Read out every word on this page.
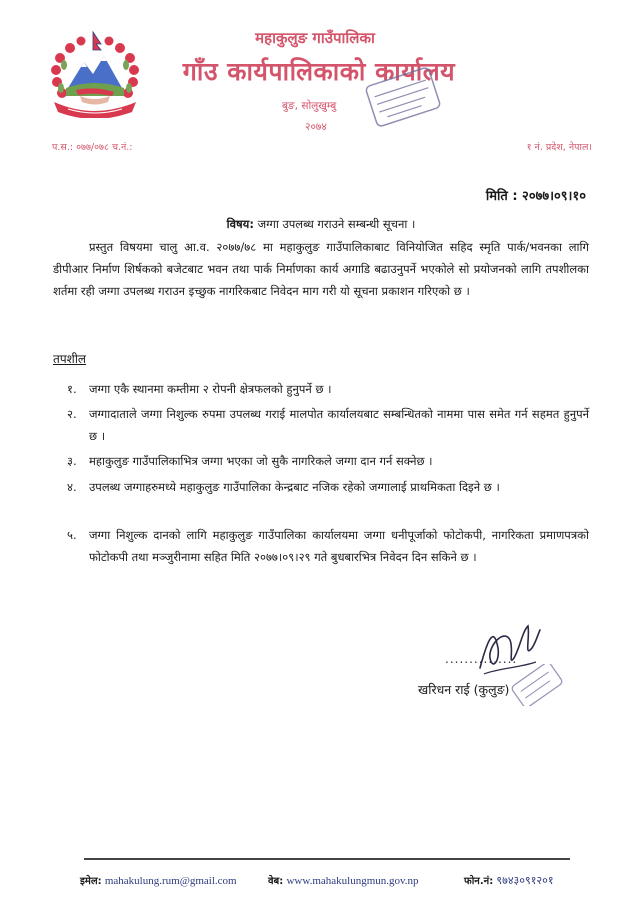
महाकुलुङ गाउँपालिका
गाँउ कार्यपालिकाको कार्यालय
बुङ, सोलुखुम्बु
२०७४
प.स.: ०७७/०७८ च.नं.:	१ नं. प्रदेश, नेपाल।
मिति : २०७७।०९।१०
विषय: जग्गा उपलब्ध गराउने सम्बन्धी सूचना ।
प्रस्तुत विषयमा चालु आ.व. २०७७/७८ मा महाकुलुङ गाउँपालिकाबाट विनियोजित सहिद स्मृति पार्क/भवनका लागि डीपीआर निर्माण शिर्षकको बजेटबाट भवन तथा पार्क निर्माणका कार्य अगाडि बढाउनुपर्ने भएकोले सो प्रयोजनको लागि तपशीलका शर्तमा रही जग्गा उपलब्ध गराउन इच्छुक नागरिकबाट निवेदन माग गरी यो सूचना प्रकाशन गरिएको छ ।
तपशील
१. जग्गा एकै स्थानमा कम्तीमा २ रोपनी क्षेत्रफलको हुनुपर्ने छ ।
२. जग्गादाताले जग्गा निशुल्क रुपमा उपलब्ध गराई मालपोत कार्यालयबाट सम्बन्धितको नाममा पास समेत गर्न सहमत हुनुपर्ने छ ।
३. महाकुलुङ गाउँपालिकाभित्र जग्गा भएका जो सुकै नागरिकले जग्गा दान गर्न सक्नेछ ।
४. उपलब्ध जग्गाहरुमध्ये महाकुलुङ गाउँपालिका केन्द्रबाट नजिक रहेको जग्गालाई प्राथमिकता दिइने छ ।
५. जग्गा निशुल्क दानको लागि महाकुलुङ गाउँपालिका कार्यालयमा जग्गा धनीपूर्जाको फोटोकपी, नागरिकता प्रमाणपत्रको फोटोकपी तथा मञ्जुरीनामा सहित मिति २०७७।०९।२९ गते बुधबारभित्र निवेदन दिन सकिने छ ।
...............
खरिधन राई (कुलुङ)
इमेल: mahakulung.rum@gmail.com	वेब: www.mahakulungmun.gov.np	फोन.नं: ९७४३०९१२०१
